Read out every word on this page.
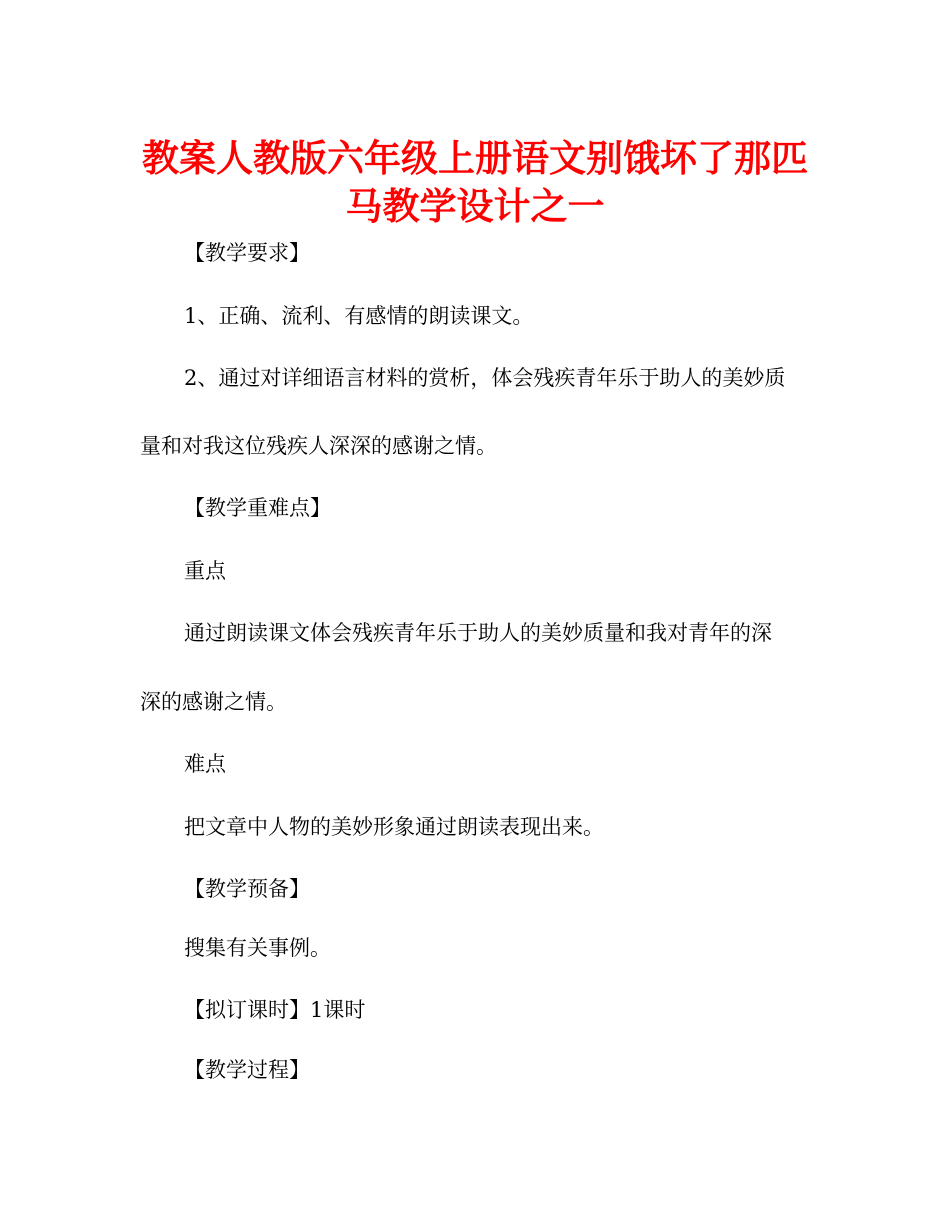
教案人教版六年级上册语文别饿坏了那匹
马教学设计之一

【教学要求】

1、正确、流利、有感情的朗读课文。

2、通过对详细语言材料的赏析，体会残疾青年乐于助人的美妙质

量和对我这位残疾人深深的感谢之情。

【教学重难点】

重点

通过朗读课文体会残疾青年乐于助人的美妙质量和我对青年的深

深的感谢之情。

难点

把文章中人物的美妙形象通过朗读表现出来。

【教学预备】

搜集有关事例。

【拟订课时】1课时

【教学过程】
